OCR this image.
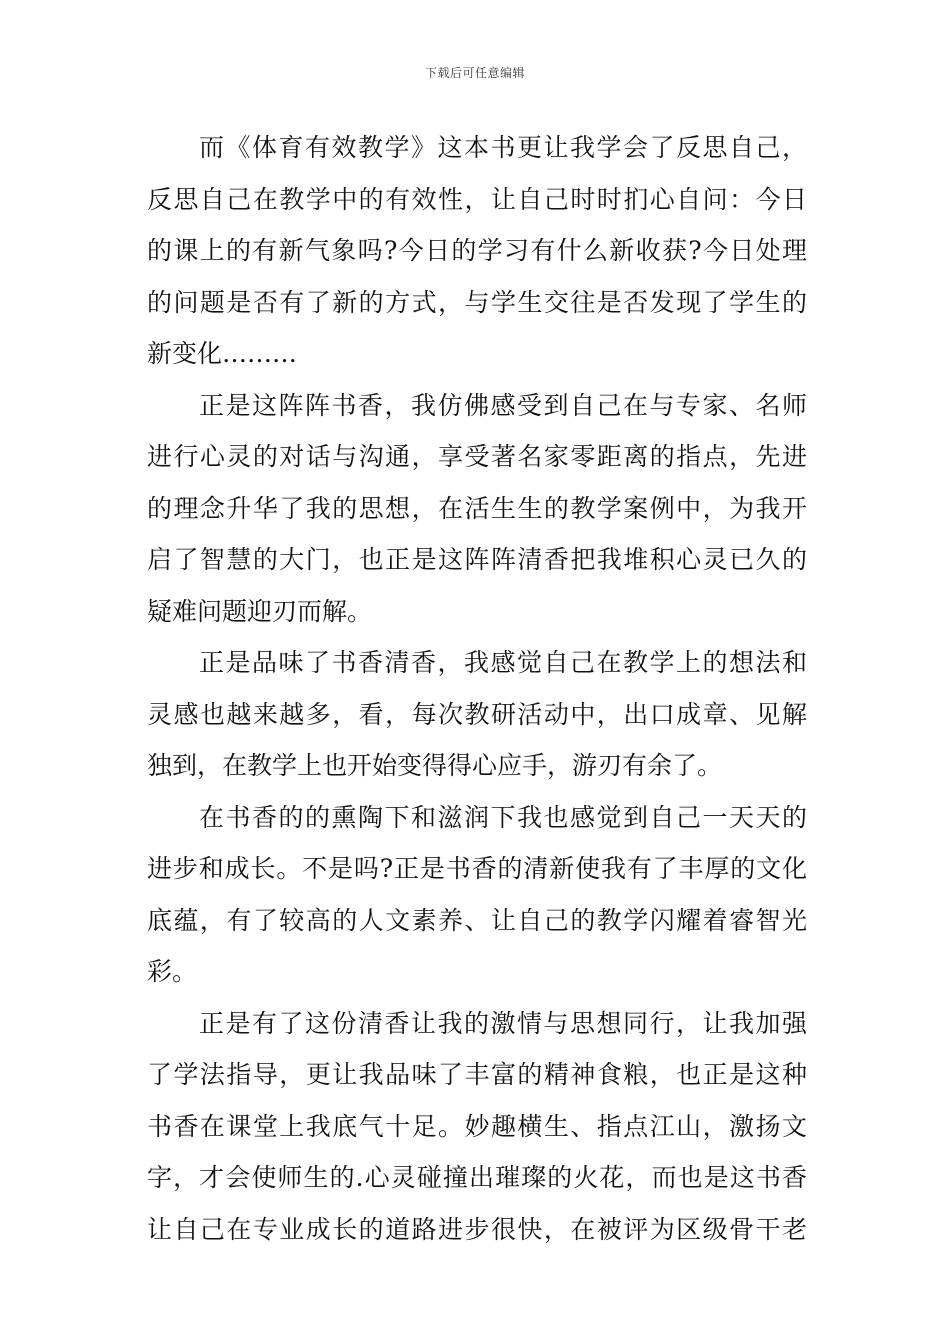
下载后可任意编辑
而《体育有效教学》这本书更让我学会了反思自己，
反思自己在教学中的有效性，让自己时时扪心自问：今日
的课上的有新气象吗?今日的学习有什么新收获?今日处理
的问题是否有了新的方式，与学生交往是否发现了学生的
新变化………
正是这阵阵书香，我仿佛感受到自己在与专家、名师
进行心灵的对话与沟通，享受著名家零距离的指点，先进
的理念升华了我的思想，在活生生的教学案例中，为我开
启了智慧的大门，也正是这阵阵清香把我堆积心灵已久的
疑难问题迎刃而解。
正是品味了书香清香，我感觉自己在教学上的想法和
灵感也越来越多，看，每次教研活动中，出口成章、见解
独到，在教学上也开始变得得心应手，游刃有余了。
在书香的的熏陶下和滋润下我也感觉到自己一天天的
进步和成长。不是吗?正是书香的清新使我有了丰厚的文化
底蕴，有了较高的人文素养、让自己的教学闪耀着睿智光
彩。
正是有了这份清香让我的激情与思想同行，让我加强
了学法指导，更让我品味了丰富的精神食粮，也正是这种
书香在课堂上我底气十足。妙趣横生、指点江山，激扬文
字，才会使师生的.心灵碰撞出璀璨的火花，而也是这书香
让自己在专业成长的道路进步很快，在被评为区级骨干老
